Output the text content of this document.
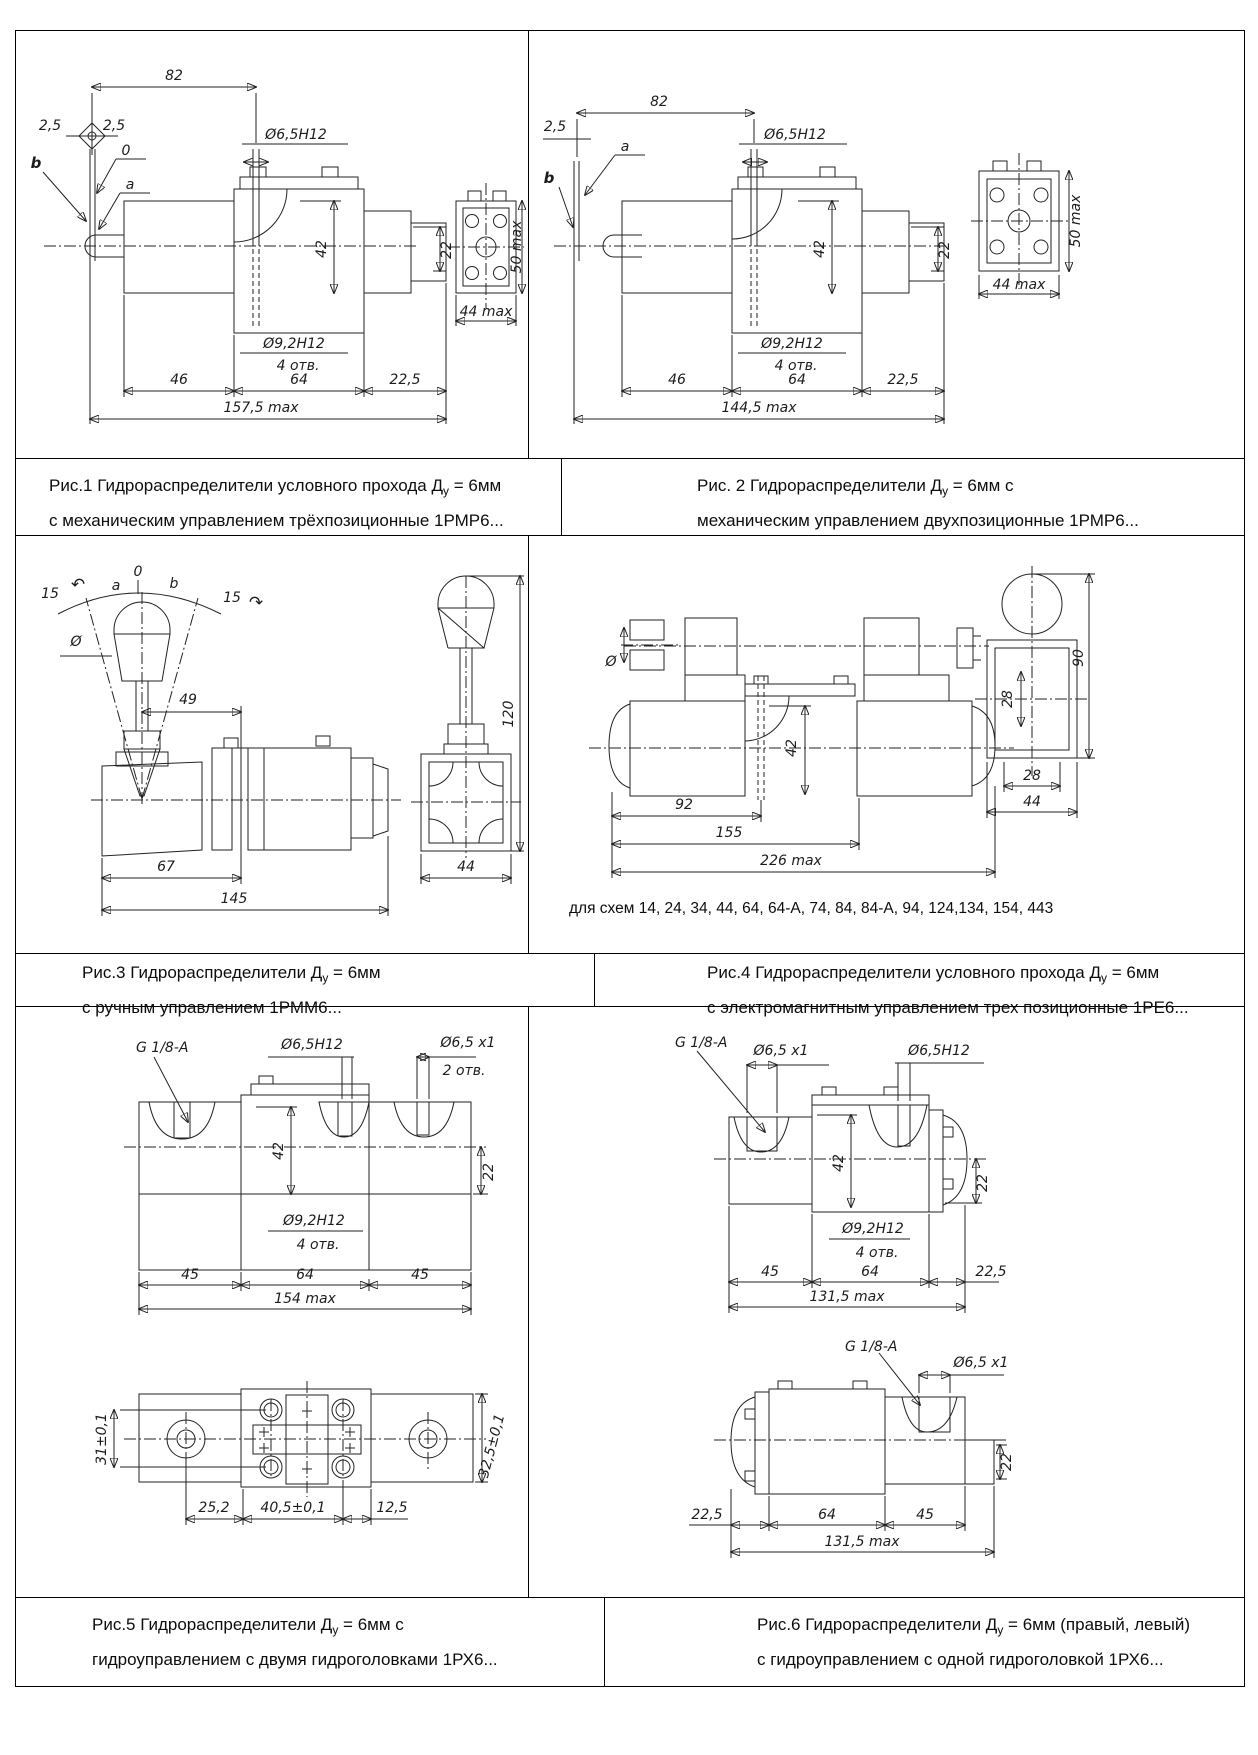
82
2,5	2,5
b
0
a
Ø6,5H12
42	22
Ø9,2H12
4 отв.
46	64	22,5
157,5 max
44 max
50 max
82
2,5
a
b
Ø6,5H12
42	22
Ø9,2H12
4 отв.
46	64	22,5
144,5 max
44 max
50 max
Рис.1 Гидрораспределители условного прохода $Д_у = 6мм$
с механическим управлением трёхпозиционные 1РМР6...
Рис. 2 Гидрораспределители $Д_у = 6мм$ с
механическим управлением двухпозиционные 1РМР6...
15 ↶
15 ↷
a
0
b
Ø
49
67
145
120
44
Ø
42
92
155
226 max
28
90
28
44
для схем 14, 24, 34, 44, 64, 64-А, 74, 84, 84-А, 94, 124,134, 154, 443
Рис.3 Гидрораспределители $Д_у = 6мм$
с ручным управлением 1РММ6...
Рис.4 Гидрораспределители условного прохода $Д_у = 6мм$
с электромагнитным управлением трех позиционные 1РЕ6...
G 1/8-A	Ø6,5H12	Ø6,5 х1
2 отв.
42
22
Ø9,2H12
4 отв.
45	64	45
154 max
31±0,1
25,2 40,5±0,1	12,5
32,5±0,1
G 1/8-A Ø6,5 х1	Ø6,5H12
42
22
Ø9,2H12
4 отв.
45	64	22,5
131,5 max
G 1/8-A
Ø6,5 х1
22
22,5	64	45
131,5 max
Рис.5 Гидрораспределители $Д_у = 6мм$ с
гидроуправлением с двумя гидроголовками 1РХ6...
Рис.6 Гидрораспределители $Д_у = 6мм$ (правый, левый)
с гидроуправлением с одной гидроголовкой 1РХ6...
